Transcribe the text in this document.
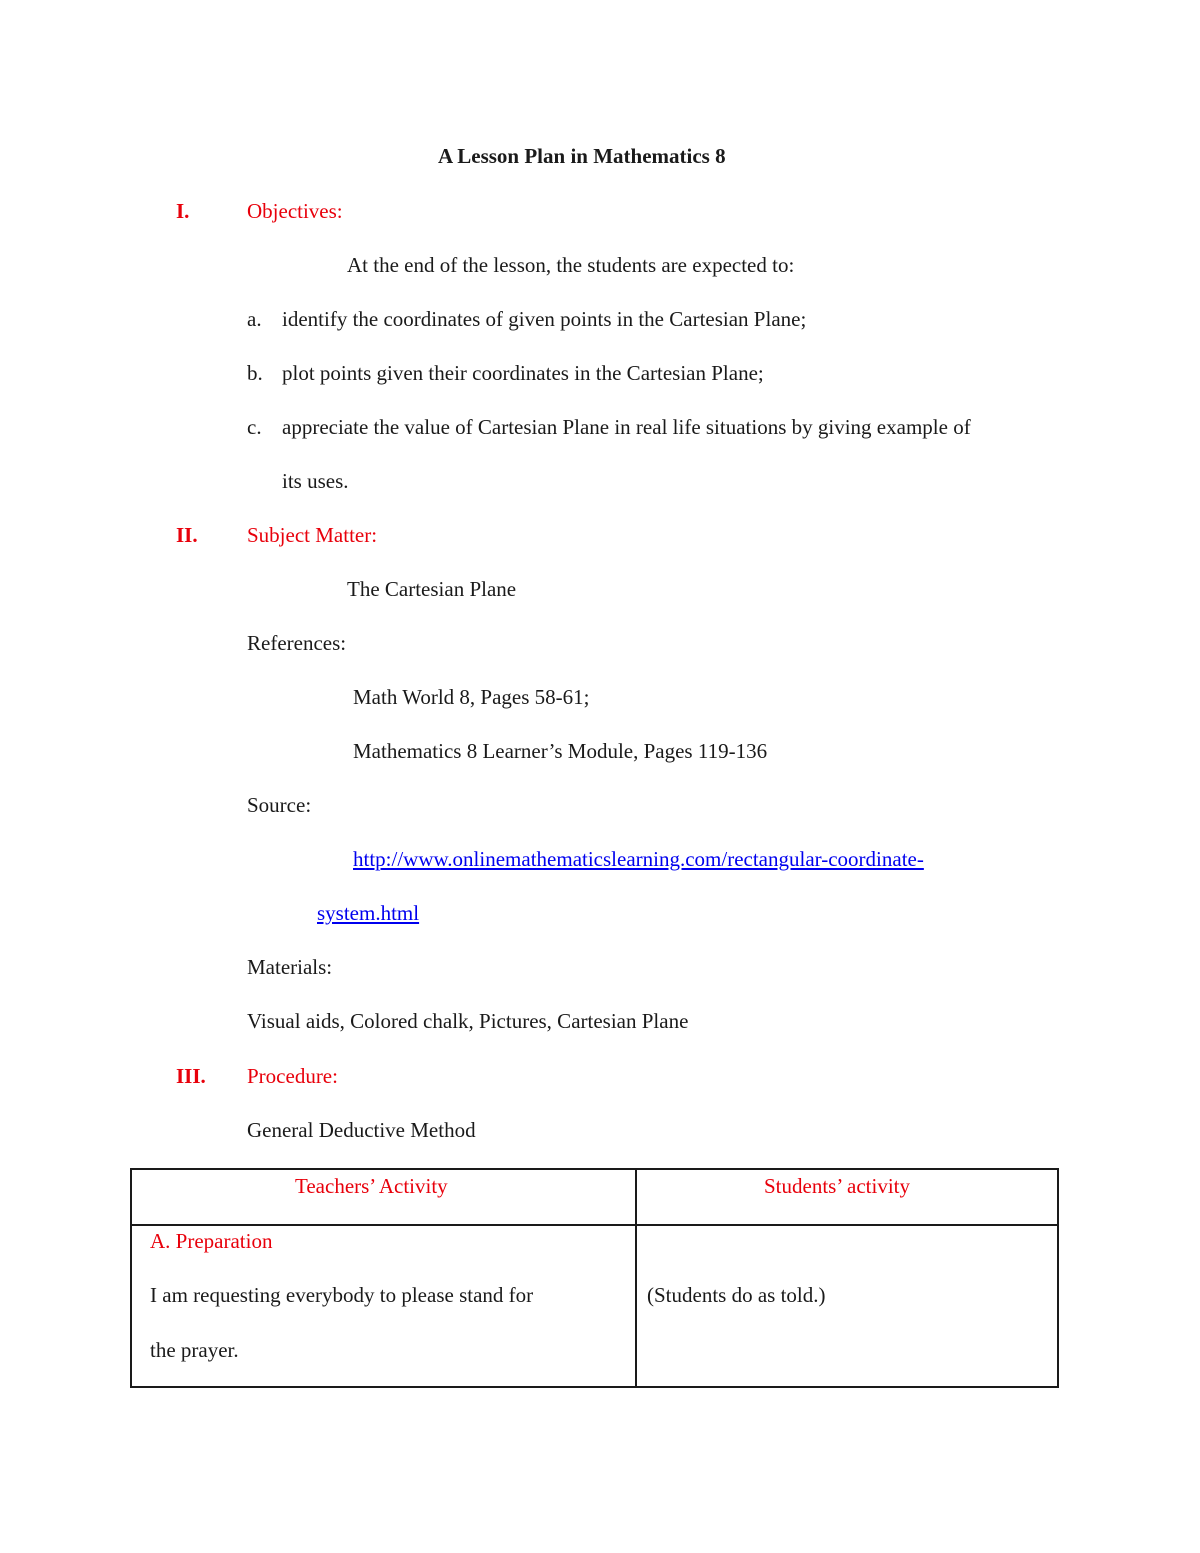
A Lesson Plan in Mathematics 8
I.	Objectives:
At the end of the lesson, the students are expected to:
a. identify the coordinates of given points in the Cartesian Plane;
b. plot points given their coordinates in the Cartesian Plane;
c. appreciate the value of Cartesian Plane in real life situations by giving example of
its uses.
II. Subject Matter:
The Cartesian Plane
References:
Math World 8, Pages 58-61;
Mathematics 8 Learner’s Module, Pages 119-136
Source:
http://www.onlinemathematicslearning.com/rectangular-coordinate-
system.html
Materials:
Visual aids, Colored chalk, Pictures, Cartesian Plane
III. Procedure:
General Deductive Method
Teachers’ Activity	Students’ activity
A. Preparation
I am requesting everybody to please stand for
the prayer.
(Students do as told.)
